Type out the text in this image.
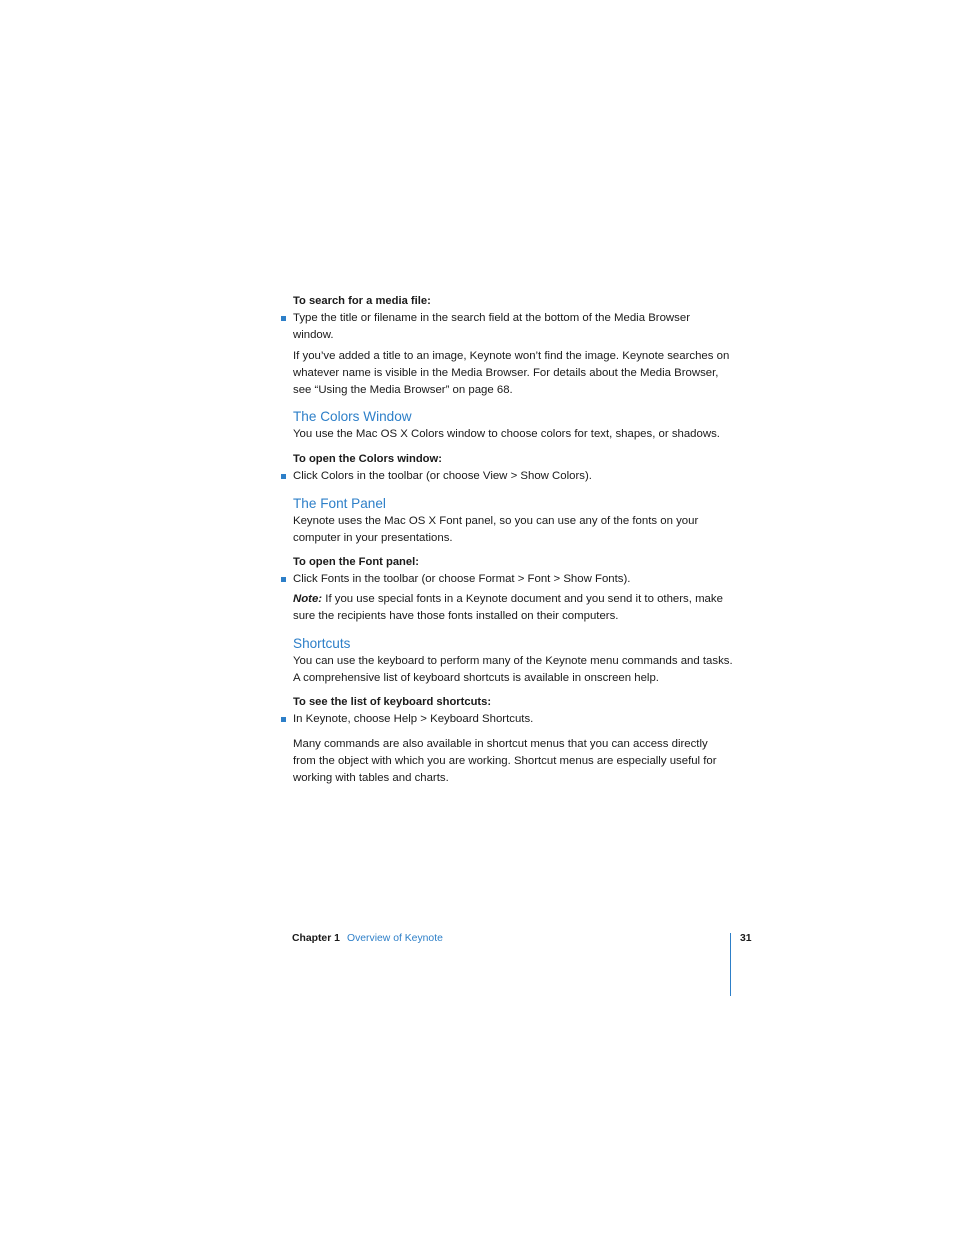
To search for a media file:
Type the title or filename in the search field at the bottom of the Media Browser window.

If you’ve added a title to an image, Keynote won’t find the image. Keynote searches on whatever name is visible in the Media Browser. For details about the Media Browser, see “Using the Media Browser” on page 68.

The Colors Window

You use the Mac OS X Colors window to choose colors for text, shapes, or shadows.

To open the Colors window:
Click Colors in the toolbar (or choose View > Show Colors).
The Font Panel

Keynote uses the Mac OS X Font panel, so you can use any of the fonts on your computer in your presentations.

To open the Font panel:
Click Fonts in the toolbar (or choose Format > Font > Show Fonts).

Note: If you use special fonts in a Keynote document and you send it to others, make sure the recipients have those fonts installed on their computers.

Shortcuts

You can use the keyboard to perform many of the Keynote menu commands and tasks. A comprehensive list of keyboard shortcuts is available in onscreen help.

To see the list of keyboard shortcuts:
In Keynote, choose Help > Keyboard Shortcuts.

Many commands are also available in shortcut menus that you can access directly from the object with which you are working. Shortcut menus are especially useful for working with tables and charts.

Chapter 1 Overview of Keynote	31
